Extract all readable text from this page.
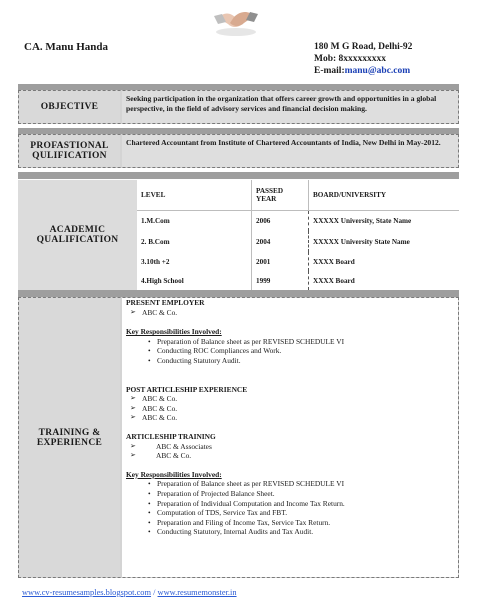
CA. Manu Handa	180 M G Road, Delhi-92
Mob: 8xxxxxxxxx
E-mail:manu@abc.com
OBJECTIVE
Seeking participation in the organization that offers career growth and opportunities in a global perspective, in the field of advisory services and financial decision making.
PROFASTIONAL
QULIFICATION
Chartered Accountant from Institute of Chartered Accountants of India, New Delhi in May-2012.
ACADEMIC
QUALIFICATION
LEVEL	PASSED YEAR	BOARD/UNIVERSITY
1.M.Com	2006	XXXXX University, State Name
2. B.Com	2004	XXXXX University State Name
3.10th +2	2001	XXXX Board
4.High School	1999	XXXX Board
TRAINING &
EXPERIENCE
PRESENT EMPLOYER
➢ ABC & Co.
Key Responsibilities Involved:
• Preparation of Balance sheet as per REVISED SCHEDULE VI
• Conducting ROC Compliances and Work.
• Conducting Statutory Audit.
POST ARTICLESHIP EXPERIENCE
➢ ABC & Co.
➢ ABC & Co.
➢ ABC & Co.
ARTICLESHIP TRAINING
➢ ABC & Associates
➢ ABC & Co.
Key Responsibilities Involved:
• Preparation of Balance sheet as per REVISED SCHEDULE VI
• Preparation of Projected Balance Sheet.
• Preparation of Individual Computation and Income Tax Return.
• Computation of TDS, Service Tax and FBT.
• Preparation and Filing of Income Tax, Service Tax Return.
• Conducting Statutory, Internal Audits and Tax Audit.
www.cv-resumesamples.blogspot.com / www.resumemonster.in
